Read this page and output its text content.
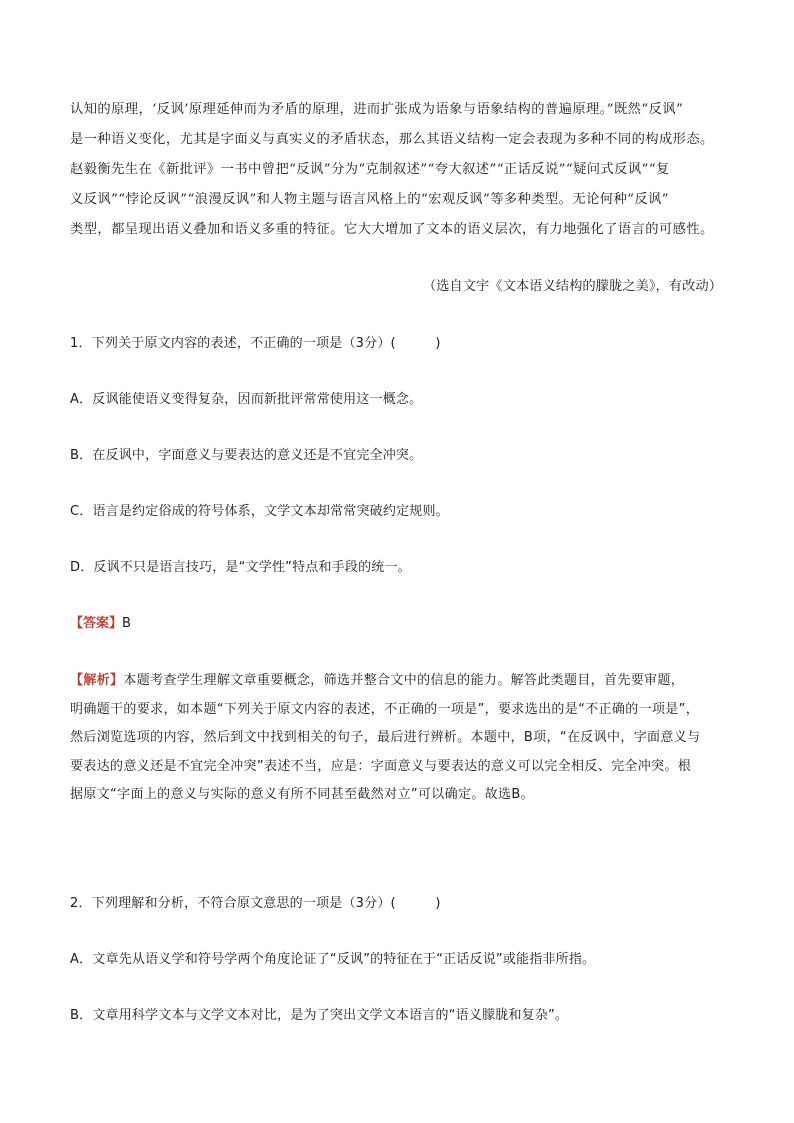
认知的原理，‘反讽’原理延伸而为矛盾的原理，进而扩张成为语象与语象结构的普遍原理。”既然“反讽”
是一种语义变化，尤其是字面义与真实义的矛盾状态，那么其语义结构一定会表现为多种不同的构成形态。
赵毅衡先生在《新批评》一书中曾把“反讽”分为“克制叙述”“夸大叙述”“正话反说”“疑问式反讽”“复
义反讽”“悖论反讽”“浪漫反讽”和人物主题与语言风格上的“宏观反讽”等多种类型。无论何种“反讽”
类型，都呈现出语义叠加和语义多重的特征。它大大增加了文本的语义层次，有力地强化了语言的可感性。
（选自文宇《文本语义结构的朦胧之美》，有改动）
1．下列关于原文内容的表述，不正确的一项是（3分）(　　　)
A．反讽能使语义变得复杂，因而新批评常常使用这一概念。
B．在反讽中，字面意义与要表达的意义还是不宜完全冲突。
C．语言是约定俗成的符号体系，文学文本却常常突破约定规则。
D．反讽不只是语言技巧，是“文学性”特点和手段的统一。
【答案】B
【解析】本题考查学生理解文章重要概念，筛选并整合文中的信息的能力。解答此类题目，首先要审题，
明确题干的要求，如本题“下列关于原文内容的表述，不正确的一项是”，要求选出的是“不正确的一项是”，
然后浏览选项的内容，然后到文中找到相关的句子，最后进行辨析。本题中，B项，“在反讽中，字面意义与
要表达的意义还是不宜完全冲突”表述不当，应是：字面意义与要表达的意义可以完全相反、完全冲突。根
据原文“字面上的意义与实际的意义有所不同甚至截然对立”可以确定。故选B。
2．下列理解和分析，不符合原文意思的一项是（3分）(　　　)
A．文章先从语义学和符号学两个角度论证了“反讽”的特征在于“正话反说”或能指非所指。
B．文章用科学文本与文学文本对比，是为了突出文学文本语言的“语义朦胧和复杂”。
